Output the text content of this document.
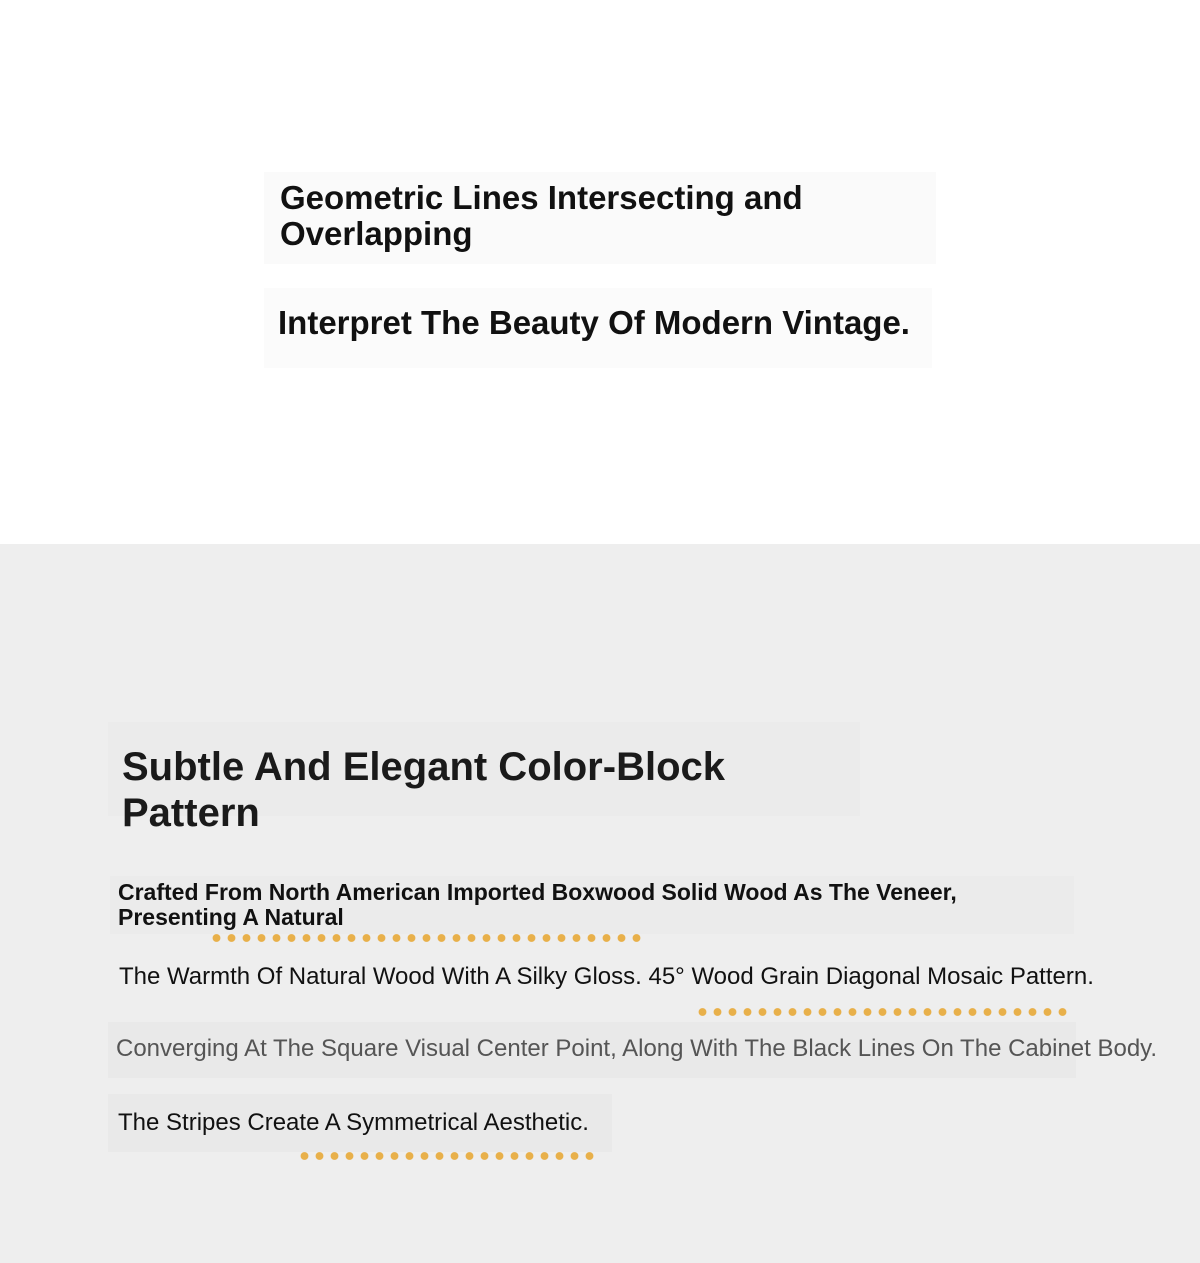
Geometric Lines Intersecting and Overlapping
Interpret The Beauty Of Modern Vintage.
Subtle And Elegant Color-Block Pattern
Crafted From North American Imported Boxwood Solid Wood As The Veneer, Presenting A Natural
The Warmth Of Natural Wood With A Silky Gloss. 45° Wood Grain Diagonal Mosaic Pattern.
Converging At The Square Visual Center Point, Along With The Black Lines On The Cabinet Body.
The Stripes Create A Symmetrical Aesthetic.
